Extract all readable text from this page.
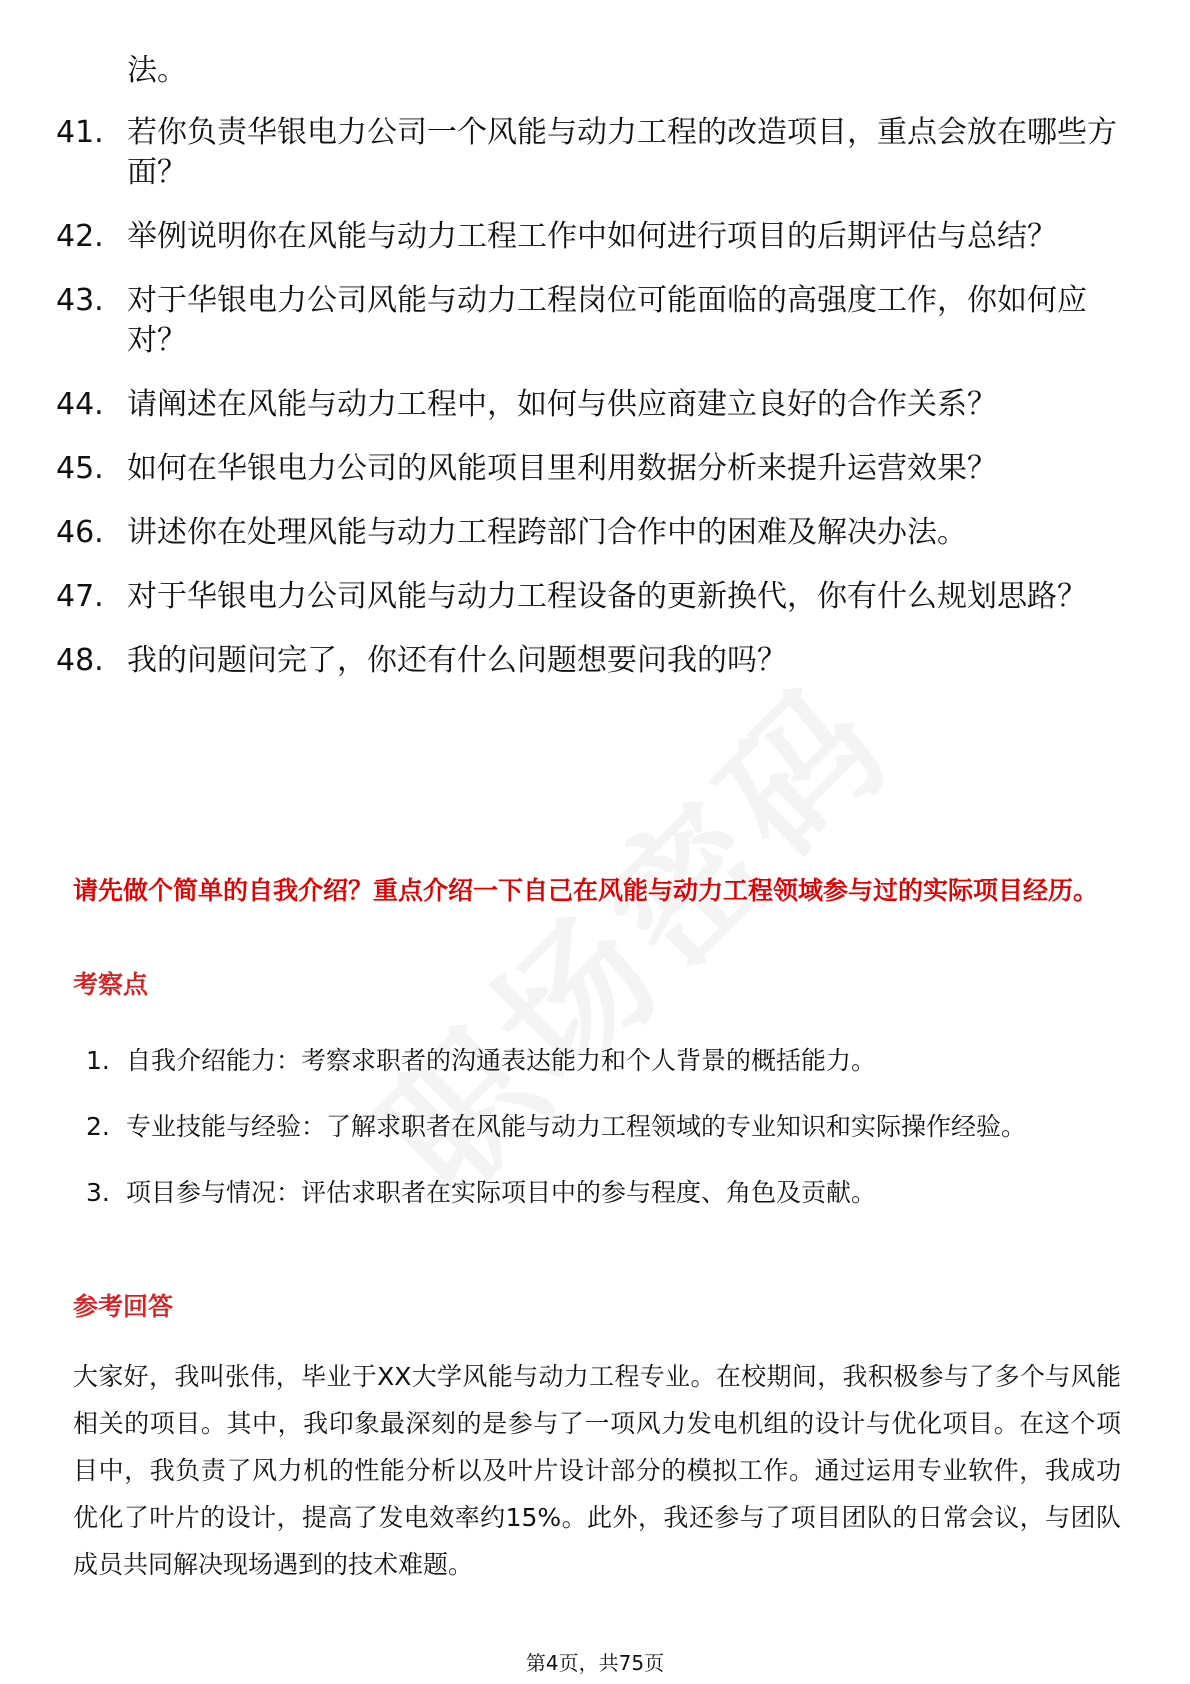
法。
41. 若你负责华银电力公司一个风能与动力工程的改造项目，重点会放在哪些方面？
42. 举例说明你在风能与动力工程工作中如何进行项目的后期评估与总结？
43. 对于华银电力公司风能与动力工程岗位可能面临的高强度工作，你如何应对？
44. 请阐述在风能与动力工程中，如何与供应商建立良好的合作关系？
45. 如何在华银电力公司的风能项目里利用数据分析来提升运营效果？
46. 讲述你在处理风能与动力工程跨部门合作中的困难及解决办法。
47. 对于华银电力公司风能与动力工程设备的更新换代，你有什么规划思路？
48. 我的问题问完了，你还有什么问题想要问我的吗？
请先做个简单的自我介绍？重点介绍一下自己在风能与动力工程领域参与过的实际项目经历。
考察点
1. 自我介绍能力：考察求职者的沟通表达能力和个人背景的概括能力。
2. 专业技能与经验：了解求职者在风能与动力工程领域的专业知识和实际操作经验。
3. 项目参与情况：评估求职者在实际项目中的参与程度、角色及贡献。
参考回答
大家好，我叫张伟，毕业于XX大学风能与动力工程专业。在校期间，我积极参与了多个与风能相关的项目。其中，我印象最深刻的是参与了一项风力发电机组的设计与优化项目。在这个项目中，我负责了风力机的性能分析以及叶片设计部分的模拟工作。通过运用专业软件，我成功优化了叶片的设计，提高了发电效率约15%。此外，我还参与了项目团队的日常会议，与团队成员共同解决现场遇到的技术难题。
第4页，共75页
